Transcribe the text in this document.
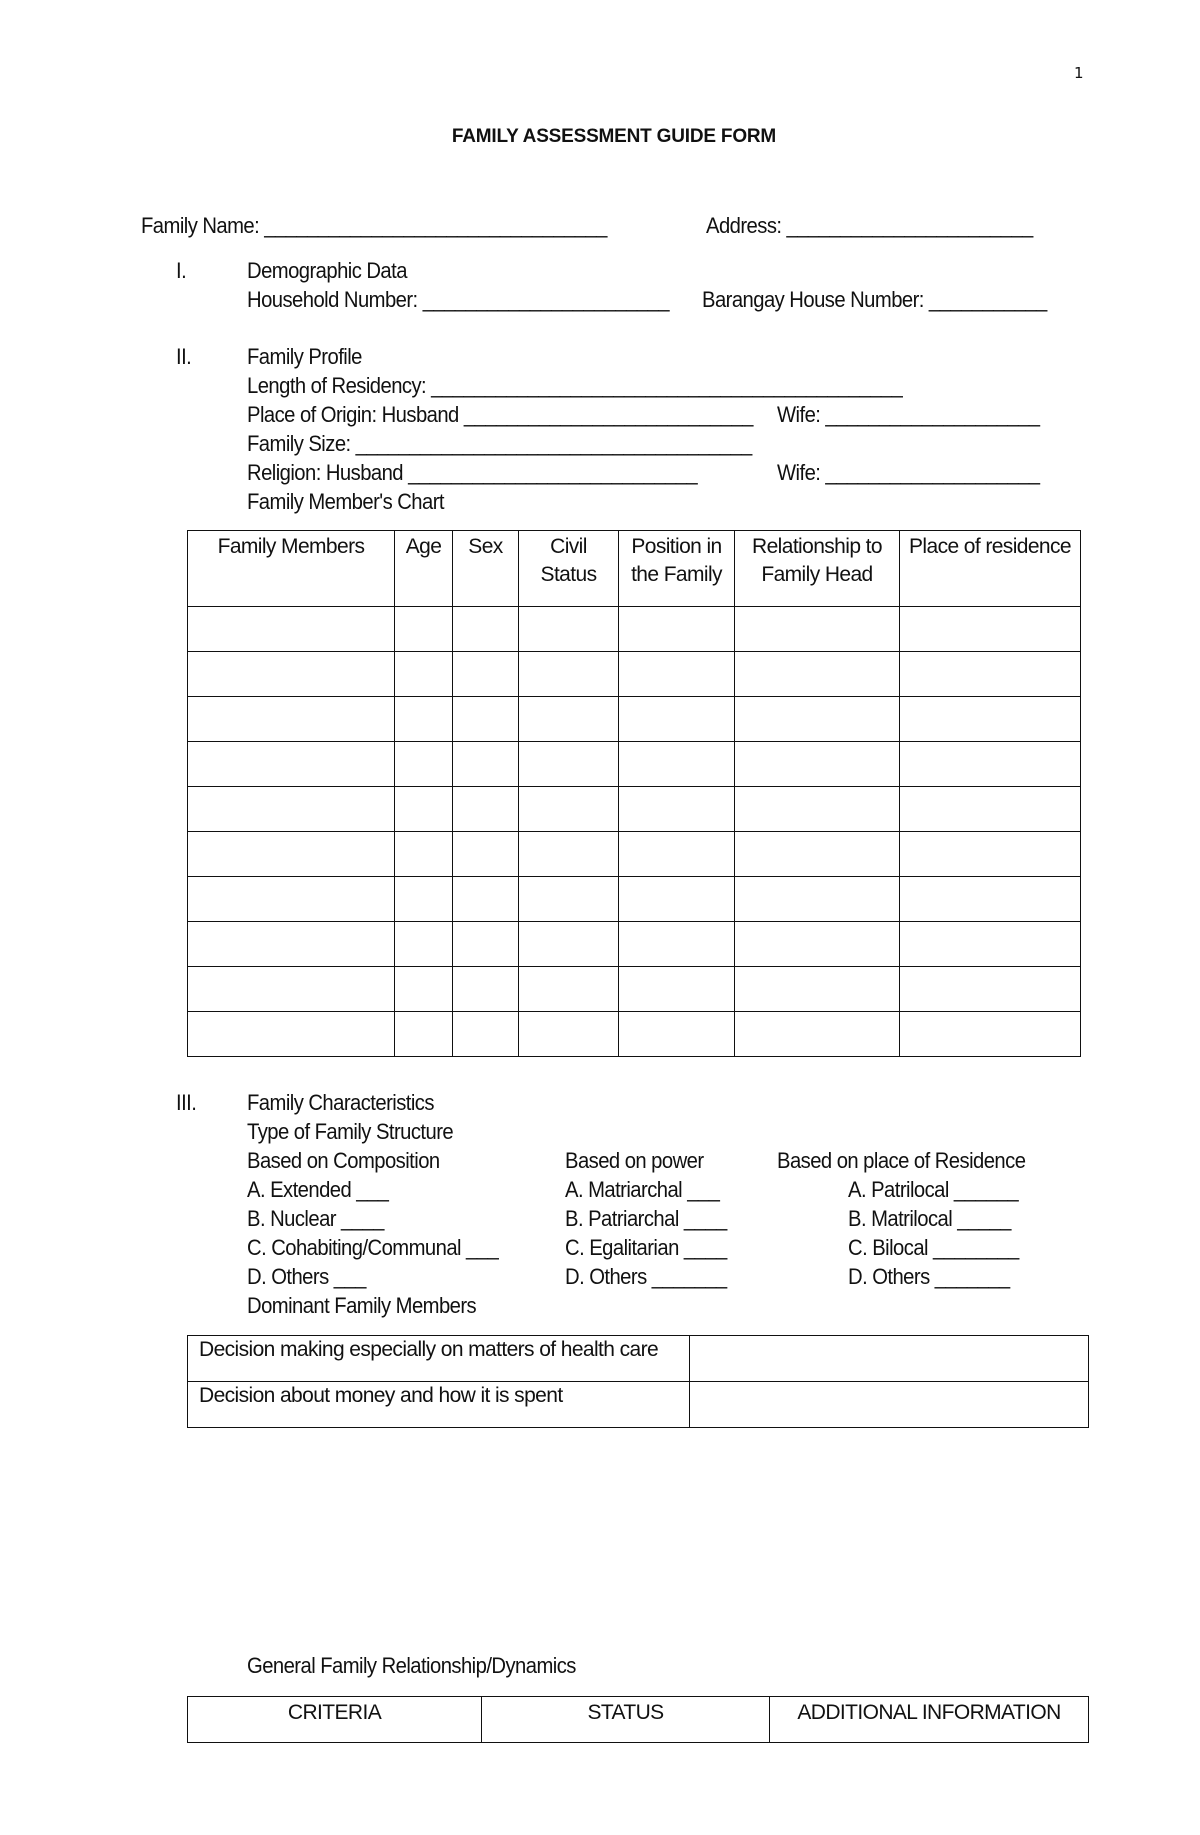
1
FAMILY ASSESSMENT GUIDE FORM
Family Name: ________________________________	Address: _______________________
I.	Demographic Data
Household Number: _______________________ Barangay House Number: ___________
II.	Family Profile
Length of Residency: ____________________________________________
Place of Origin: Husband ___________________________ Wife: ____________________
Family Size: _____________________________________
Religion: Husband ___________________________	Wife: ____________________
Family Member's Chart
Family Members	Age	Sex	Civil Status	Position in the Family	Relationship to Family Head	Place of residence

III. Family Characteristics
Type of Family Structure
Based on Composition
A. Extended ___
B. Nuclear ____
C. Cohabiting/Communal ___
D. Others ___
Based on power
A. Matriarchal ___
B. Patriarchal ____
C. Egalitarian ____
D. Others _______
Based on place of Residence
A. Patrilocal ______
B. Matrilocal _____
C. Bilocal ________
D. Others _______
Dominant Family Members
Decision making especially on matters of health care	
Decision about money and how it is spent	
General Family Relationship/Dynamics
CRITERIA	STATUS	ADDITIONAL INFORMATION
